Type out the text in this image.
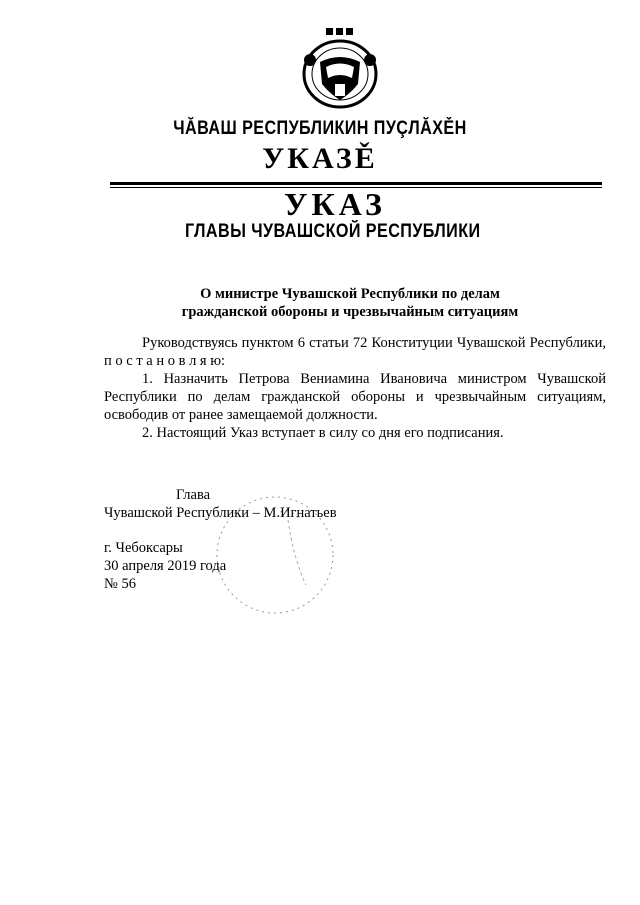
ЧĂВАШ РЕСПУБЛИКИН ПУÇЛĂХĚН
УКАЗĚ
УКАЗ
ГЛАВЫ ЧУВАШСКОЙ РЕСПУБЛИКИ
О министре Чувашской Республики по делам
гражданской обороны и чрезвычайным ситуациям

Руководствуясь пунктом 6 статьи 72 Конституции Чувашской Республики, п о с т а н о в л я ю:

1. Назначить Петрова Вениамина Ивановича министром Чувашской Республики по делам гражданской обороны и чрезвычайным ситуациям, освободив от ранее замещаемой должности.

2. Настоящий Указ вступает в силу со дня его подписания.

Глава
Чувашской Республики – М.Игнатьев
г. Чебоксары
30 апреля 2019 года
№ 56
